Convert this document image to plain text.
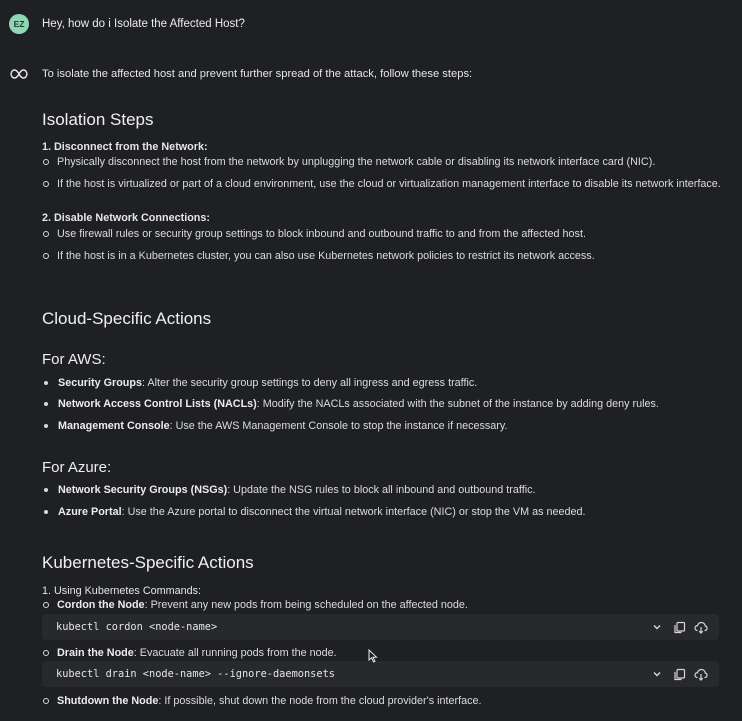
EZ	Hey, how do i Isolate the Affected Host?
To isolate the affected host and prevent further spread of the attack, follow these steps:
Isolation Steps
1. Disconnect from the Network:
Physically disconnect the host from the network by unplugging the network cable or disabling its network interface card (NIC).
If the host is virtualized or part of a cloud environment, use the cloud or virtualization management interface to disable its network interface.
2. Disable Network Connections:
Use firewall rules or security group settings to block inbound and outbound traffic to and from the affected host.
If the host is in a Kubernetes cluster, you can also use Kubernetes network policies to restrict its network access.
Cloud-Specific Actions
For AWS:
Security Groups : Alter the security group settings to deny all ingress and egress traffic.
Network Access Control Lists (NACLs) : Modify the NACLs associated with the subnet of the instance by adding deny rules.
Management Console : Use the AWS Management Console to stop the instance if necessary.
For Azure:
Network Security Groups (NSGs) : Update the NSG rules to block all inbound and outbound traffic.
Azure Portal : Use the Azure portal to disconnect the virtual network interface (NIC) or stop the VM as needed.
Kubernetes-Specific Actions
1. Using Kubernetes Commands:
Cordon the Node : Prevent any new pods from being scheduled on the affected node.
kubectl cordon <node-name>
Drain the Node : Evacuate all running pods from the node.
kubectl drain <node-name> --ignore-daemonsets
Shutdown the Node : If possible, shut down the node from the cloud provider's interface.
